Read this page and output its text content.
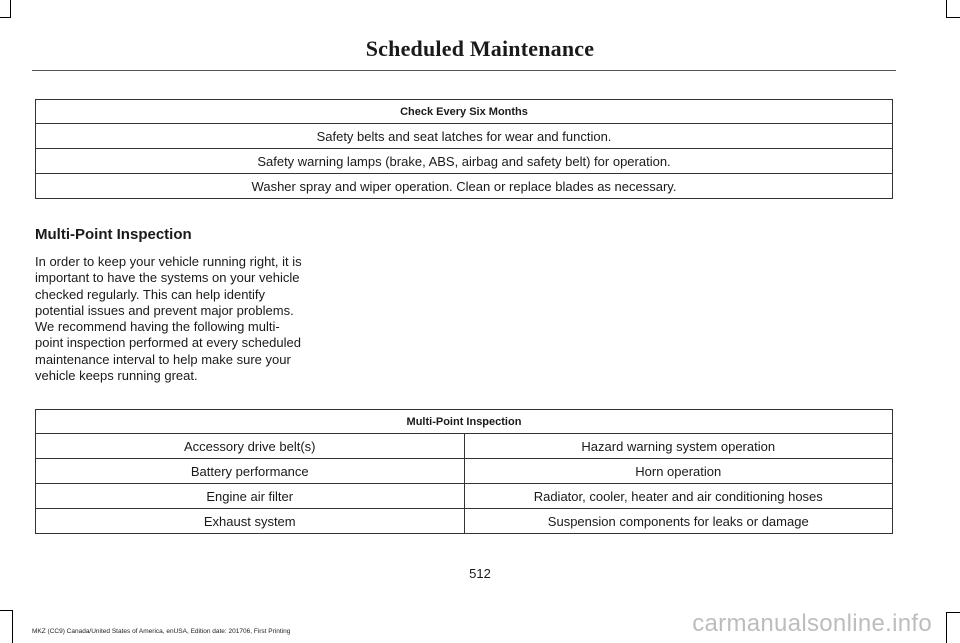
Scheduled Maintenance
Check Every Six Months
Safety belts and seat latches for wear and function.
Safety warning lamps (brake, ABS, airbag and safety belt) for operation.
Washer spray and wiper operation. Clean or replace blades as necessary.
Multi-Point Inspection
In order to keep your vehicle running right, it is important to have the systems on your vehicle checked regularly. This can help identify potential issues and prevent major problems. We recommend having the following multi-point inspection performed at every scheduled maintenance interval to help make sure your vehicle keeps running great.
Multi-Point Inspection	
Accessory drive belt(s)	Hazard warning system operation
Battery performance	Horn operation
Engine air filter	Radiator, cooler, heater and air conditioning hoses
Exhaust system	Suspension components for leaks or damage
512
MKZ (CC9) Canada/United States of America, enUSA, Edition date: 201706, First Printing	carmanualsonline.info
